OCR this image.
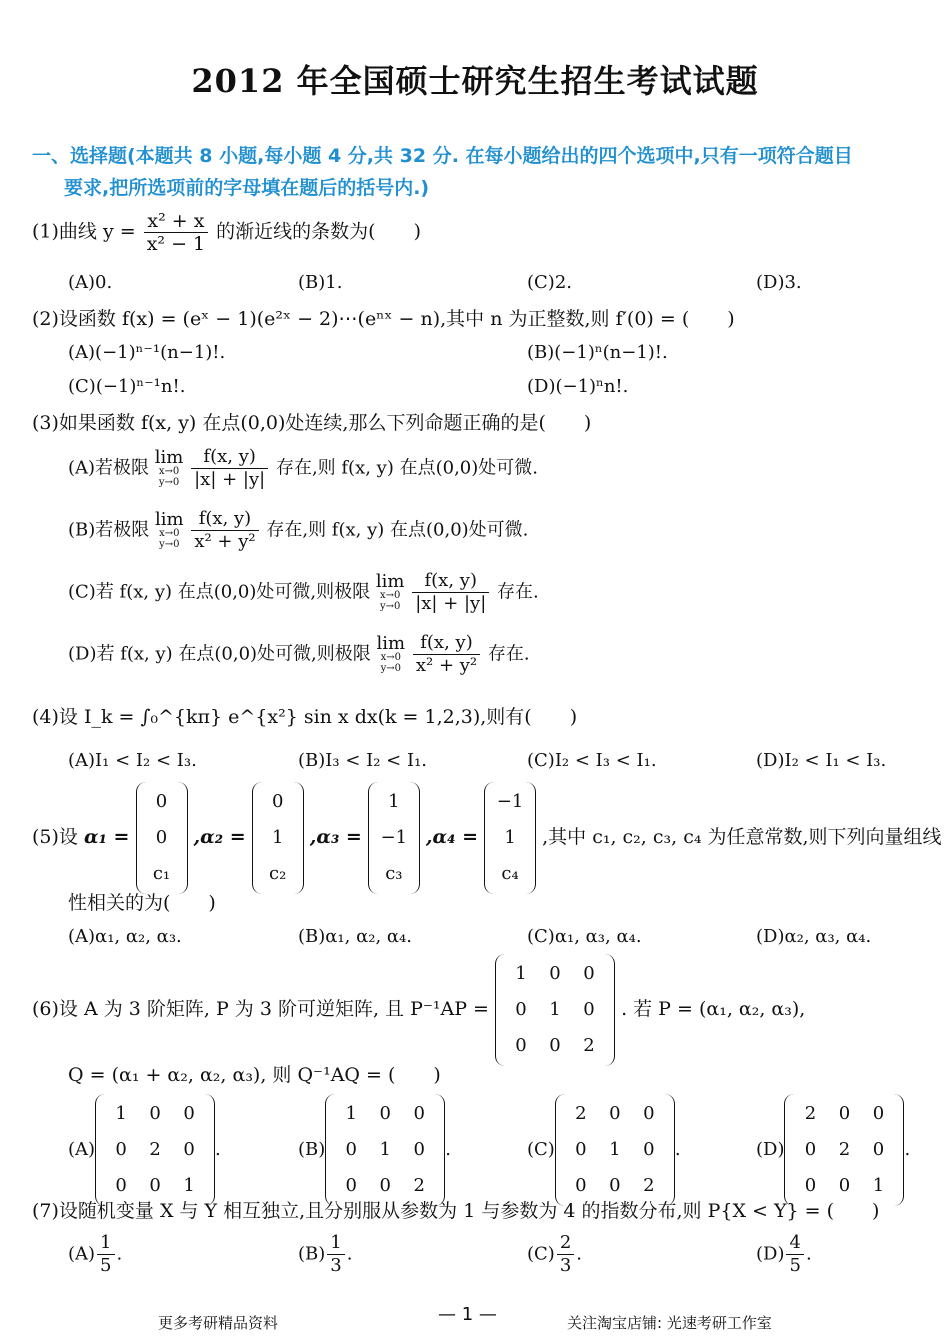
2012 年全国硕士研究生招生考试试题
一、选择题(本题共 8 小题,每小题 4 分,共 32 分. 在每小题给出的四个选项中,只有一项符合题目
要求,把所选项前的字母填在题后的括号内.)
(1)曲线 $y = \frac{\text{x² + x}}{\text{x² − 1}}$ 的渐近线的条数为(　　)
(A)0.	(B)1.	(C)2.	(D)3.
(2)设函数 f(x) = (eˣ − 1)(e²ˣ − 2)⋯(eⁿˣ − n),其中 n 为正整数,则 f′(0) = (　　)
(A)(−1)ⁿ⁻¹(n−1)!.	(B)(−1)ⁿ(n−1)!.
(C)(−1)ⁿ⁻¹n!.	(D)(−1)ⁿn!.
(3)如果函数 f(x, y) 在点(0,0)处连续,那么下列命题正确的是(　　)
(A)若极限 lim
x→0
y→0
$\frac{f(x, y)}{|x| + |y|}$ 存在,则 f(x, y) 在点(0,0)处可微.
(B)若极限 lim
x→0
y→0
$\frac{f(x, y)}{\text{x² + y²}}$ 存在,则 f(x, y) 在点(0,0)处可微.
(C)若 f(x, y) 在点(0,0)处可微,则极限 lim
x→0
y→0
$\frac{f(x, y)}{|x| + |y|}$ 存在.
(D)若 f(x, y) 在点(0,0)处可微,则极限 lim
x→0
y→0
$\frac{f(x, y)}{\text{x² + y²}}$ 存在.
(4)设 I_k = ∫₀^{kπ} e^{x²} sin x dx(k = 1,2,3),则有(　　)
(A)I₁ < I₂ < I₃.	(B)I₃ < I₂ < I₁.	(C)I₂ < I₃ < I₁.	(D)I₂ < I₁ < I₃.
(5)设 α₁ =
0
0
c₁
,α₂ =
0
1
c₂
,α₃ =
1
−1
c₃
,α₄ =
−1
1
c₄
,其中 c₁, c₂, c₃, c₄ 为任意常数,则下列向量组线
性相关的为(　　)
(A)α₁, α₂, α₃.	(B)α₁, α₂, α₄.	(C)α₁, α₃, α₄.	(D)α₂, α₃, α₄.
(6)设 A 为 3 阶矩阵, P 为 3 阶可逆矩阵, 且 P⁻¹AP =
1	0	0
0	1	0
0	0	2
. 若 P = (α₁, α₂, α₃),
Q = (α₁ + α₂, α₂, α₃), 则 Q⁻¹AQ = (　　)
(A)
1	0	0
0	2	0
0	0	1
.	(B)
1	0	0
0	1	0
0	0	2
.	(C)
2	0	0
0	1	0
0	0	2
.	(D)
2	0	0
0	2	0
0	0	1
.
(7)设随机变量 X 与 Y 相互独立,且分别服从参数为 1 与参数为 4 的指数分布,则 P{X < Y} = (　　)
$(A) \frac{1}{5}$ .	$(B) \frac{1}{3}$ .	$(C) \frac{2}{3}$ .	$(D) \frac{4}{5}$ .
更多考研精品资料	— 1 —	关注淘宝店铺: 光速考研工作室
